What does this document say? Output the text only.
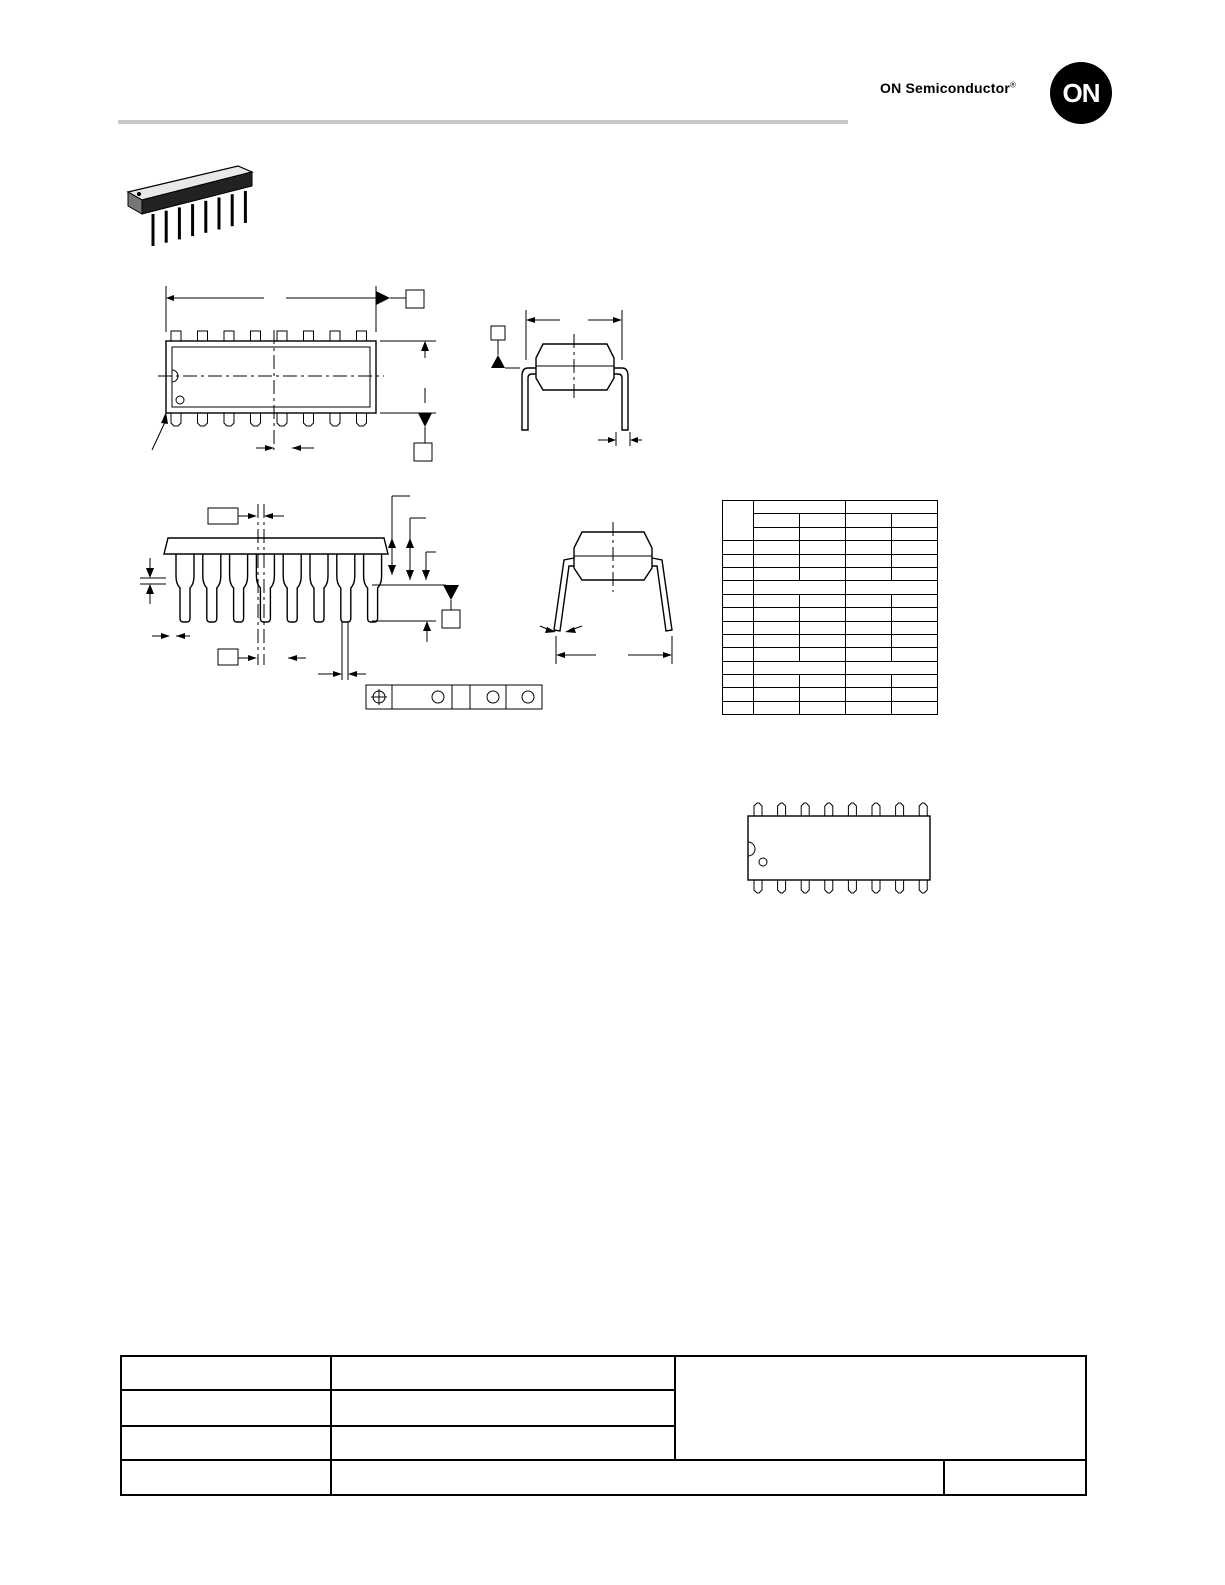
ON Semiconductor®	ON
